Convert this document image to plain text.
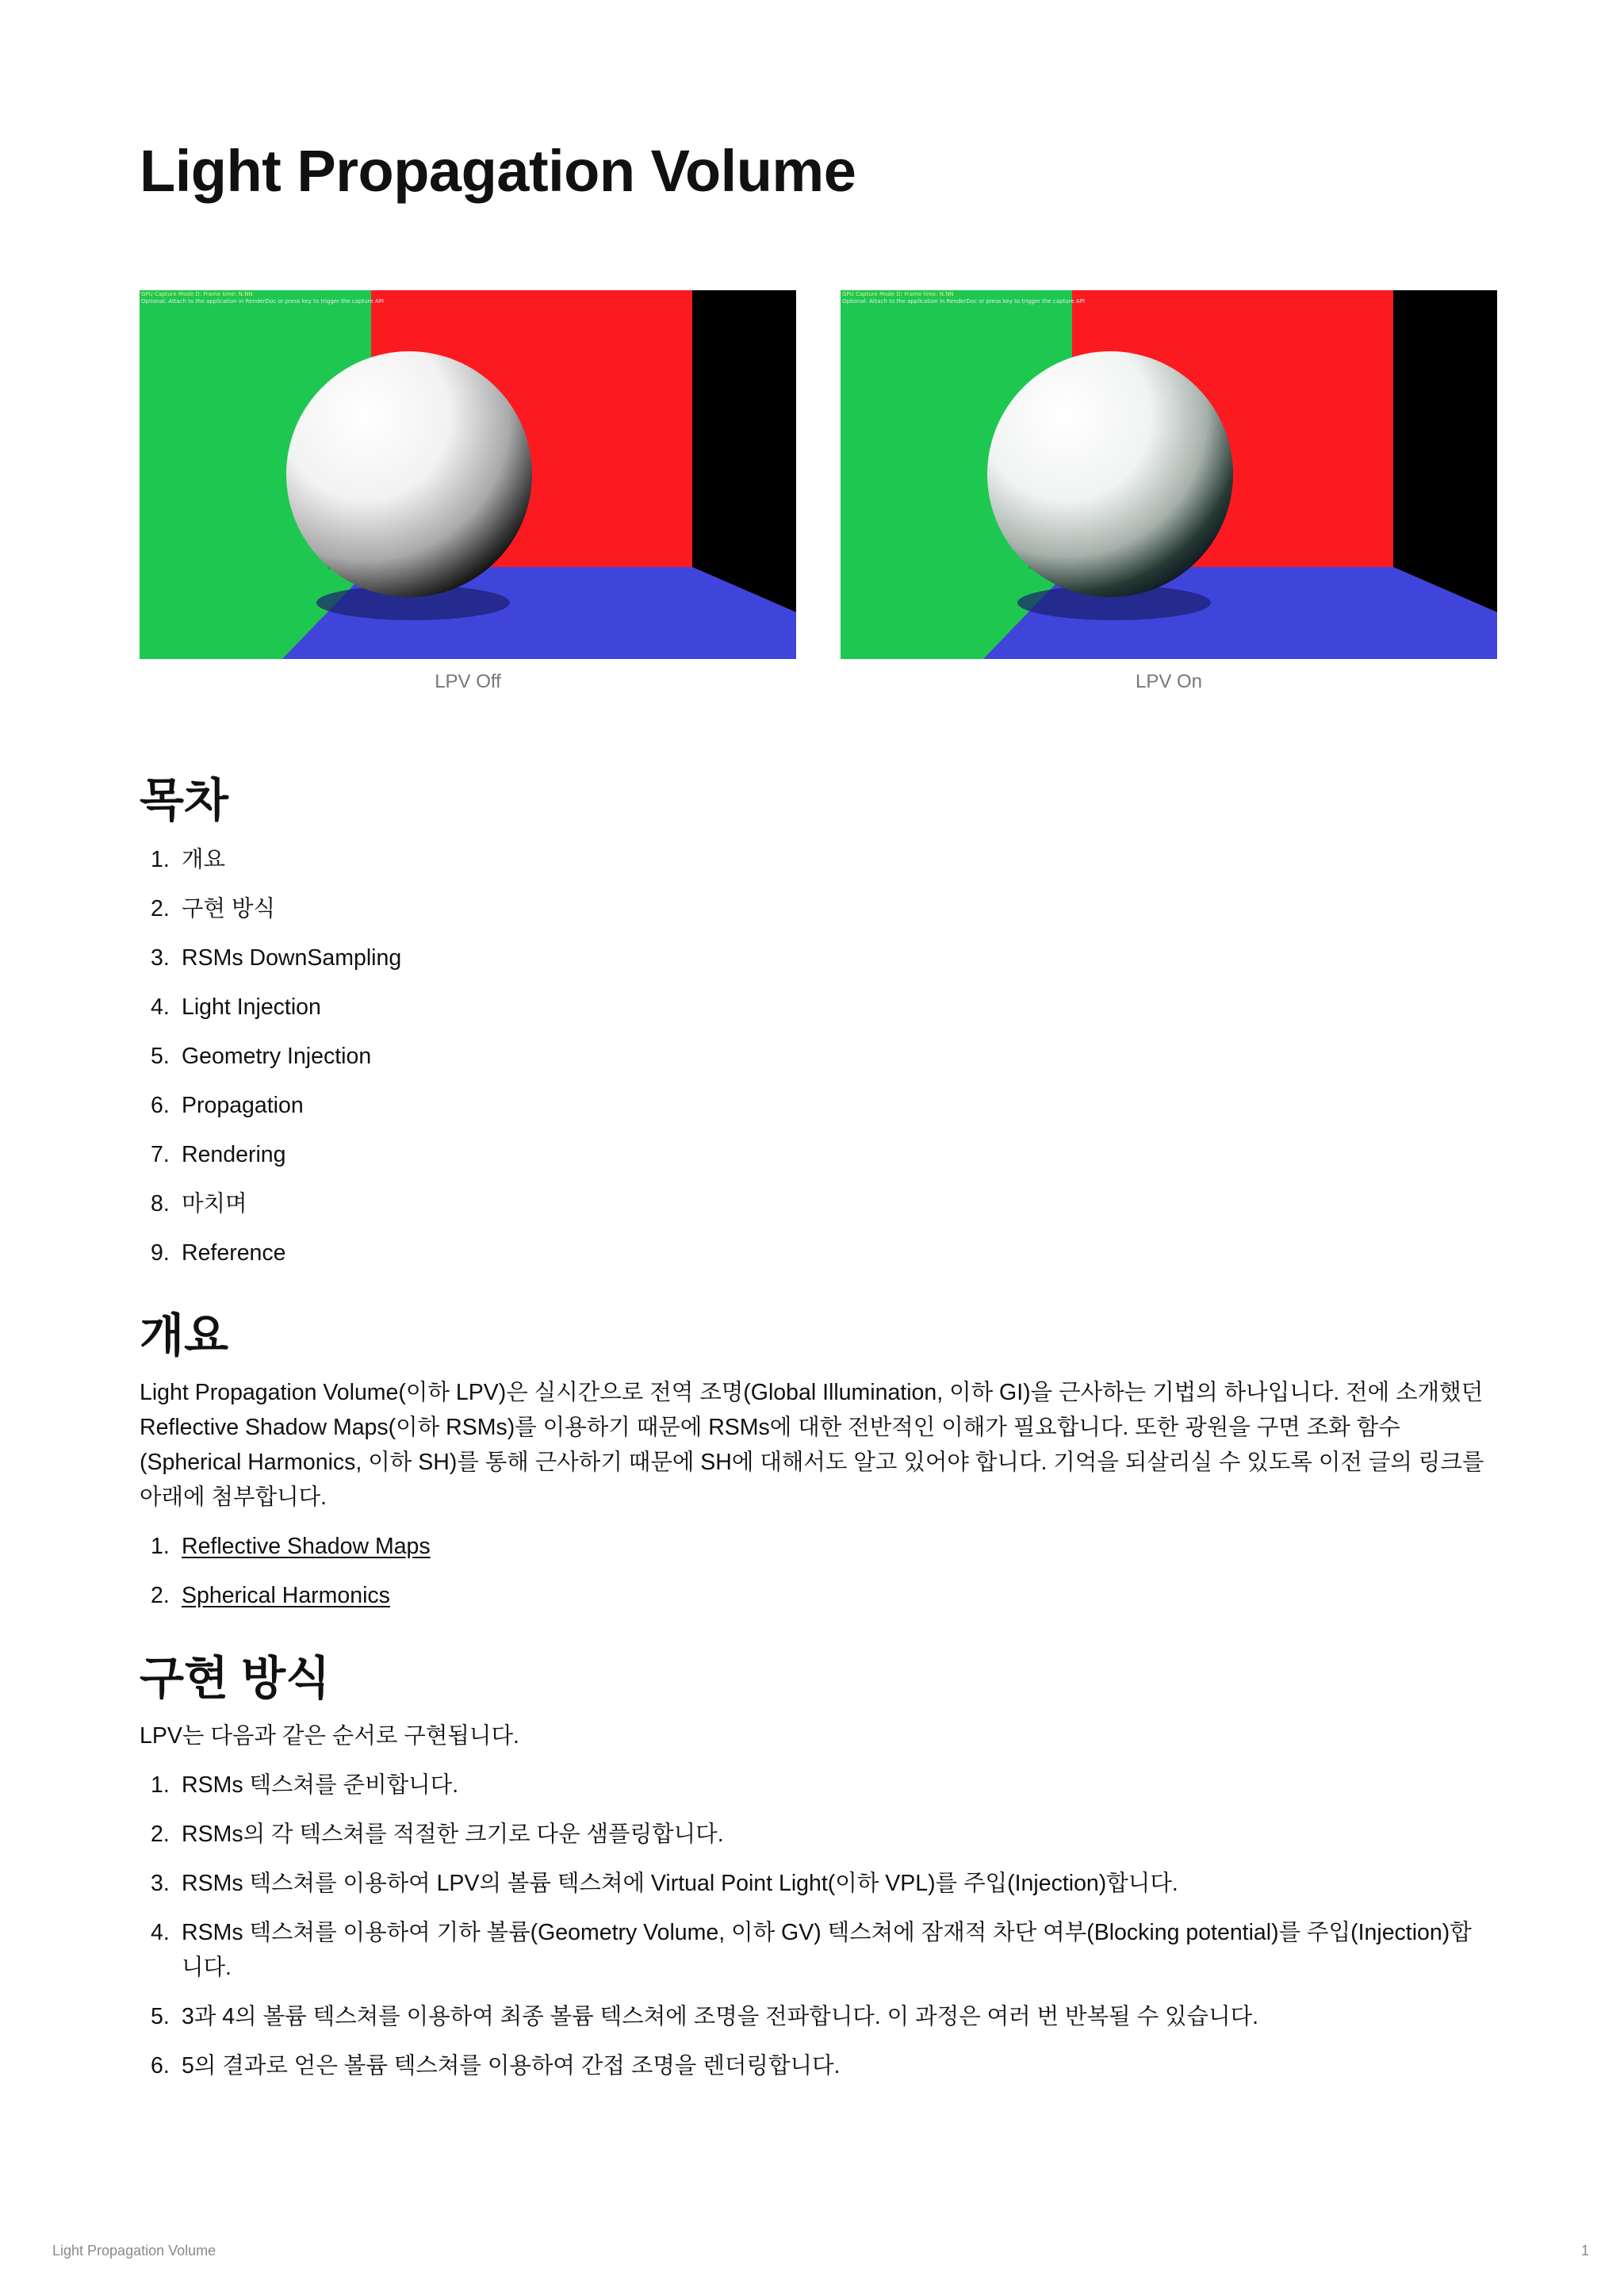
Light Propagation Volume
GPU Capture Mode D: Frame time: N.NN
Optional: Attach to the application in RenderDoc or press key to trigger the capture API
LPV Off
GPU Capture Mode D: Frame time: N.NN
Optional: Attach to the application in RenderDoc or press key to trigger the capture API
LPV On
목차
1. 개요
2. 구현 방식
3. RSMs DownSampling
4. Light Injection
5. Geometry Injection
6. Propagation
7. Rendering
8. 마치며
9. Reference
개요

Light Propagation Volume(이하 LPV)은 실시간으로 전역 조명(Global Illumination, 이하 GI)을 근사하는 기법의 하나입니다. 전에 소개했던
Reflective Shadow Maps(이하 RSMs)를 이용하기 때문에 RSMs에 대한 전반적인 이해가 필요합니다. 또한 광원을 구면 조화 함수
(Spherical Harmonics, 이하 SH)를 통해 근사하기 때문에 SH에 대해서도 알고 있어야 합니다. 기억을 되살리실 수 있도록 이전 글의 링크를
아래에 첨부합니다.

1. Reflective Shadow Maps
2. Spherical Harmonics
구현 방식

LPV는 다음과 같은 순서로 구현됩니다.

1. RSMs 텍스쳐를 준비합니다.
2. RSMs의 각 텍스쳐를 적절한 크기로 다운 샘플링합니다.
3. RSMs 텍스쳐를 이용하여 LPV의 볼륨 텍스쳐에 Virtual Point Light(이하 VPL)를 주입(Injection)합니다.
4. RSMs 텍스쳐를 이용하여 기하 볼륨(Geometry Volume, 이하 GV) 텍스쳐에 잠재적 차단 여부(Blocking potential)를 주입(Injection)합
니다.
5. 3과 4의 볼륨 텍스쳐를 이용하여 최종 볼륨 텍스쳐에 조명을 전파합니다. 이 과정은 여러 번 반복될 수 있습니다.
6. 5의 결과로 얻은 볼륨 텍스쳐를 이용하여 간접 조명을 렌더링합니다.
Light Propagation Volume	1
